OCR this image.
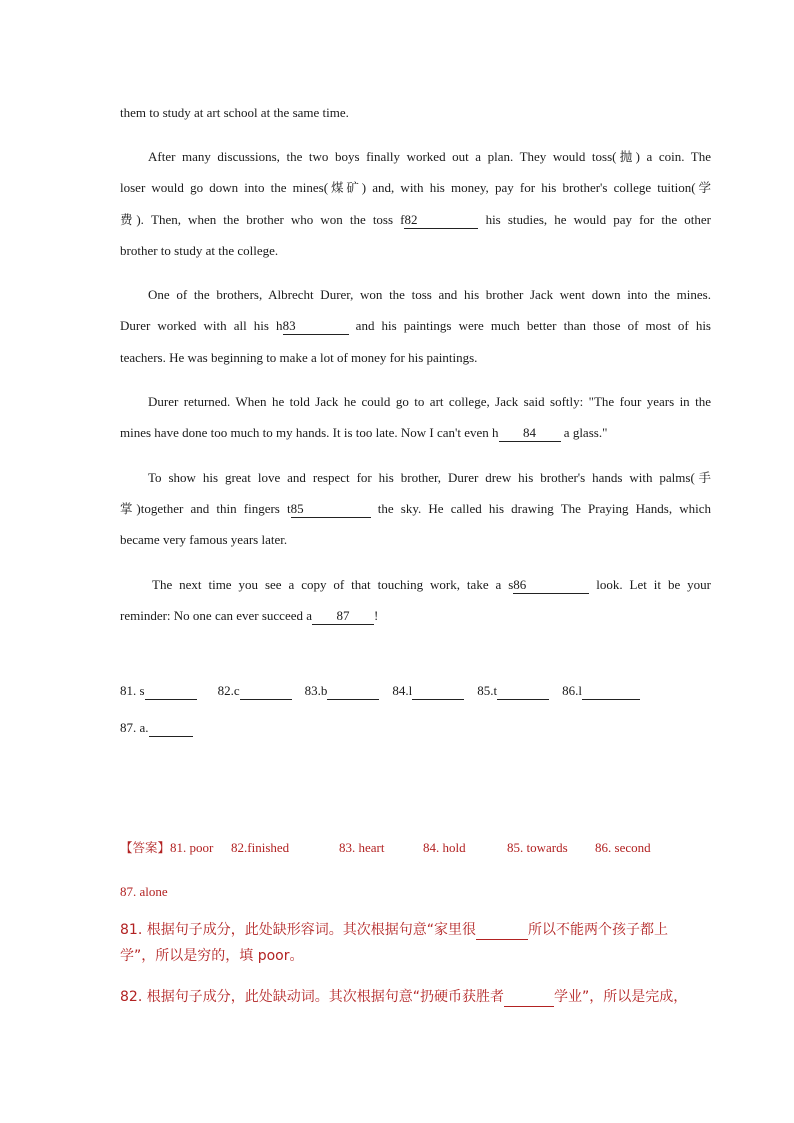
them to study at art school at the same time.
After many discussions, the two boys finally worked out a plan. They would toss(抛) a coin. The
loser would go down into the mines(煤矿) and, with his money, pay for his brother's college tuition(学
费). Then, when the brother who won the toss f82	his studies, he would pay for the other
brother to study at the college.
One of the brothers, Albrecht Durer, won the toss and his brother Jack went down into the mines.
Durer worked with all his h83	and his paintings were much better than those of most of his
teachers. He was beginning to make a lot of money for his paintings.
Durer returned. When he told Jack he could go to art college, Jack said softly: "The four years in the
mines have done too much to my hands. It is too late. Now I can't even h 84 a glass."
To show his great love and respect for his brother, Durer drew his brother's hands with palms(手
掌)together and thin fingers t85	the sky. He called his drawing The Praying Hands, which
became very famous years later.
The next time you see a copy of that touching work, take a s86	look. Let it be your
reminder: No one can ever succeed a 87 !
81. s	82.c	83.b	84.l	85.t	86.l
87. a.
【答案】81. poor 82.finished	83. heart	84. hold	85. towards 86. second
87. alone
81. 根据句子成分，此处缺形容词。其次根据句意“家里很	所以不能两个孩子都上
学”，所以是穷的，填 poor。
82. 根据句子成分，此处缺动词。其次根据句意“扔硬币获胜者	学业”，所以是完成，
